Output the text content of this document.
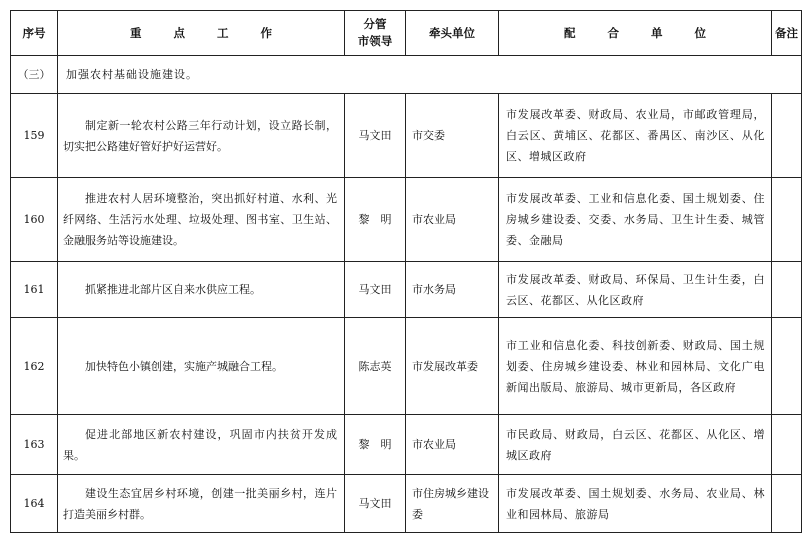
序号	重 点 工 作	分管
市领导	牵头单位	配 合 单 位	备注
（三）	加强农村基础设施建设。				
159	制定新一轮农村公路三年行动计划，设立路长制，切实把公路建好管好护好运营好。	马文田	市交委	市发展改革委、财政局、农业局，市邮政管理局，白云区、黄埔区、花都区、番禺区、南沙区、从化区、增城区政府	
160	推进农村人居环境整治，突出抓好村道、水利、光纤网络、生活污水处理、垃圾处理、图书室、卫生站、金融服务站等设施建设。	黎　明	市农业局	市发展改革委、工业和信息化委、国土规划委、住房城乡建设委、交委、水务局、卫生计生委、城管委、金融局	
161	抓紧推进北部片区自来水供应工程。	马文田	市水务局	市发展改革委、财政局、环保局、卫生计生委，白云区、花都区、从化区政府	
162	加快特色小镇创建，实施产城融合工程。	陈志英	市发展改革委	市工业和信息化委、科技创新委、财政局、国土规划委、住房城乡建设委、林业和园林局、文化广电新闻出版局、旅游局、城市更新局，各区政府	
163	促进北部地区新农村建设，巩固市内扶贫开发成果。	黎　明	市农业局	市民政局、财政局，白云区、花都区、从化区、增城区政府	
164	建设生态宜居乡村环境，创建一批美丽乡村，连片打造美丽乡村群。	马文田	市住房城乡建设委	市发展改革委、国土规划委、水务局、农业局、林业和园林局、旅游局	
